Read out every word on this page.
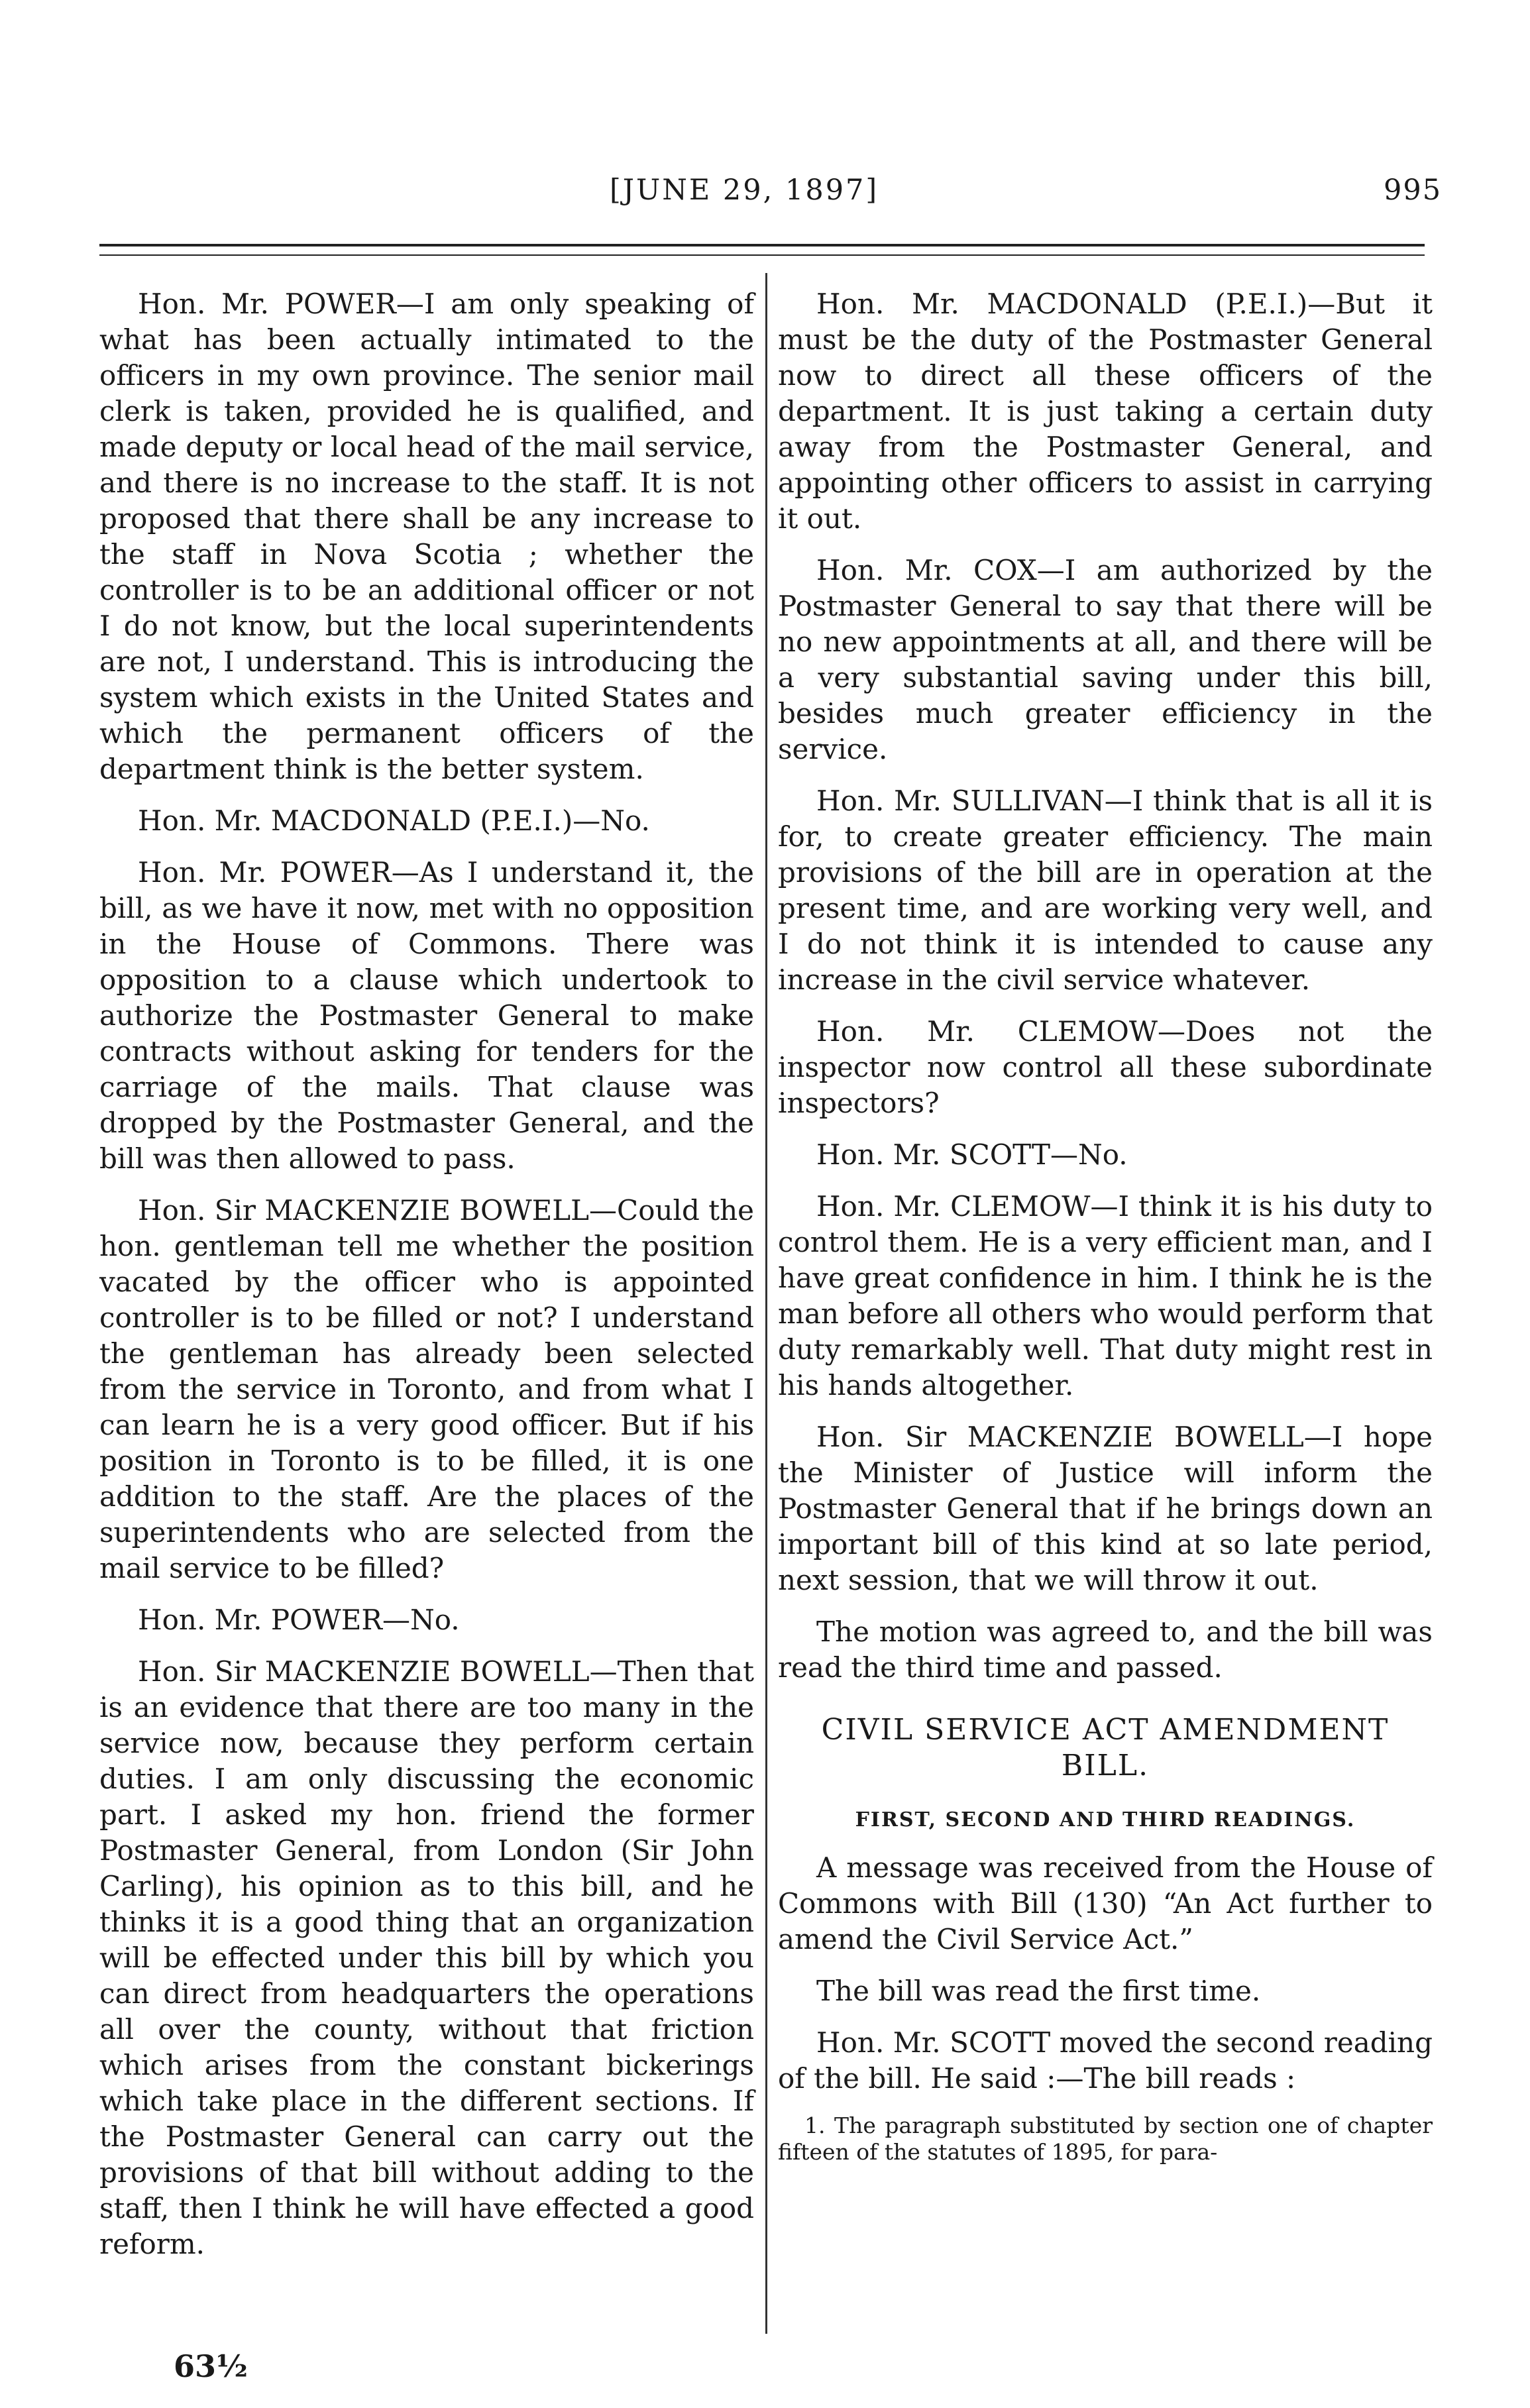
[JUNE 29, 1897]	995

Hon. Mr. POWER—I am only speaking of what has been actually intimated to the officers in my own province. The senior mail clerk is taken, provided he is qualified, and made deputy or local head of the mail service, and there is no increase to the staff. It is not proposed that there shall be any increase to the staff in Nova Scotia ; whether the controller is to be an additional officer or not I do not know, but the local superintendents are not, I understand. This is introducing the system which exists in the United States and which the permanent officers of the department think is the better system.

Hon. Mr. MACDONALD (P.E.I.)—No.

Hon. Mr. POWER—As I understand it, the bill, as we have it now, met with no opposition in the House of Commons. There was opposition to a clause which undertook to authorize the Postmaster General to make contracts without asking for tenders for the carriage of the mails. That clause was dropped by the Postmaster General, and the bill was then allowed to pass.

Hon. Sir MACKENZIE BOWELL—Could the hon. gentleman tell me whether the position vacated by the officer who is appointed controller is to be filled or not? I understand the gentleman has already been selected from the service in Toronto, and from what I can learn he is a very good officer. But if his position in Toronto is to be filled, it is one addition to the staff. Are the places of the superintendents who are selected from the mail service to be filled?

Hon. Mr. POWER—No.

Hon. Sir MACKENZIE BOWELL—Then that is an evidence that there are too many in the service now, because they perform certain duties. I am only discussing the economic part. I asked my hon. friend the former Postmaster General, from London (Sir John Carling), his opinion as to this bill, and he thinks it is a good thing that an organization will be effected under this bill by which you can direct from headquarters the operations all over the county, without that friction which arises from the constant bickerings which take place in the different sections. If the Postmaster General can carry out the provisions of that bill without adding to the staff, then I think he will have effected a good reform.

Hon. Mr. MACDONALD (P.E.I.)—But it must be the duty of the Postmaster General now to direct all these officers of the department. It is just taking a certain duty away from the Postmaster General, and appointing other officers to assist in carrying it out.

Hon. Mr. COX—I am authorized by the Postmaster General to say that there will be no new appointments at all, and there will be a very substantial saving under this bill, besides much greater efficiency in the service.

Hon. Mr. SULLIVAN—I think that is all it is for, to create greater efficiency. The main provisions of the bill are in operation at the present time, and are working very well, and I do not think it is intended to cause any increase in the civil service whatever.

Hon. Mr. CLEMOW—Does not the inspector now control all these subordinate inspectors?

Hon. Mr. SCOTT—No.

Hon. Mr. CLEMOW—I think it is his duty to control them. He is a very efficient man, and I have great confidence in him. I think he is the man before all others who would perform that duty remarkably well. That duty might rest in his hands altogether.

Hon. Sir MACKENZIE BOWELL—I hope the Minister of Justice will inform the Postmaster General that if he brings down an important bill of this kind at so late period, next session, that we will throw it out.

The motion was agreed to, and the bill was read the third time and passed.

CIVIL SERVICE ACT AMENDMENT BILL.
FIRST, SECOND AND THIRD READINGS.

A message was received from the House of Commons with Bill (130) “An Act further to amend the Civil Service Act.”

The bill was read the first time.

Hon. Mr. SCOTT moved the second reading of the bill. He said :—The bill reads :

1. The paragraph substituted by section one of chapter fifteen of the statutes of 1895, for para-
63½
